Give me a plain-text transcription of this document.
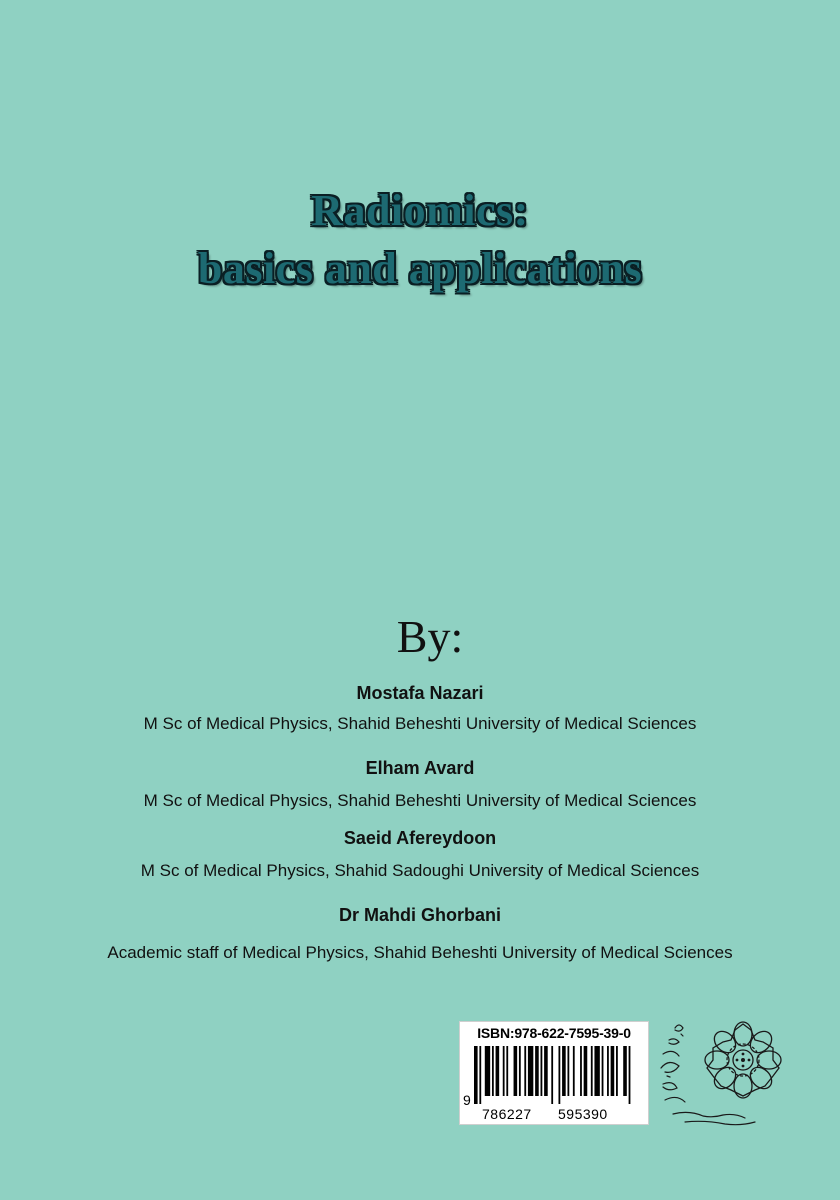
Radiomics:
basics and applications
By:
Mostafa Nazari
M Sc of Medical Physics, Shahid Beheshti University of Medical Sciences
Elham Avard
M Sc of Medical Physics, Shahid Beheshti University of Medical Sciences
Saeid Afereydoon
M Sc of Medical Physics, Shahid Sadoughi University of Medical Sciences
Dr Mahdi Ghorbani
Academic staff of Medical Physics, Shahid Beheshti University of Medical Sciences
ISBN:978-622-7595-39-0
9
786227 595390
